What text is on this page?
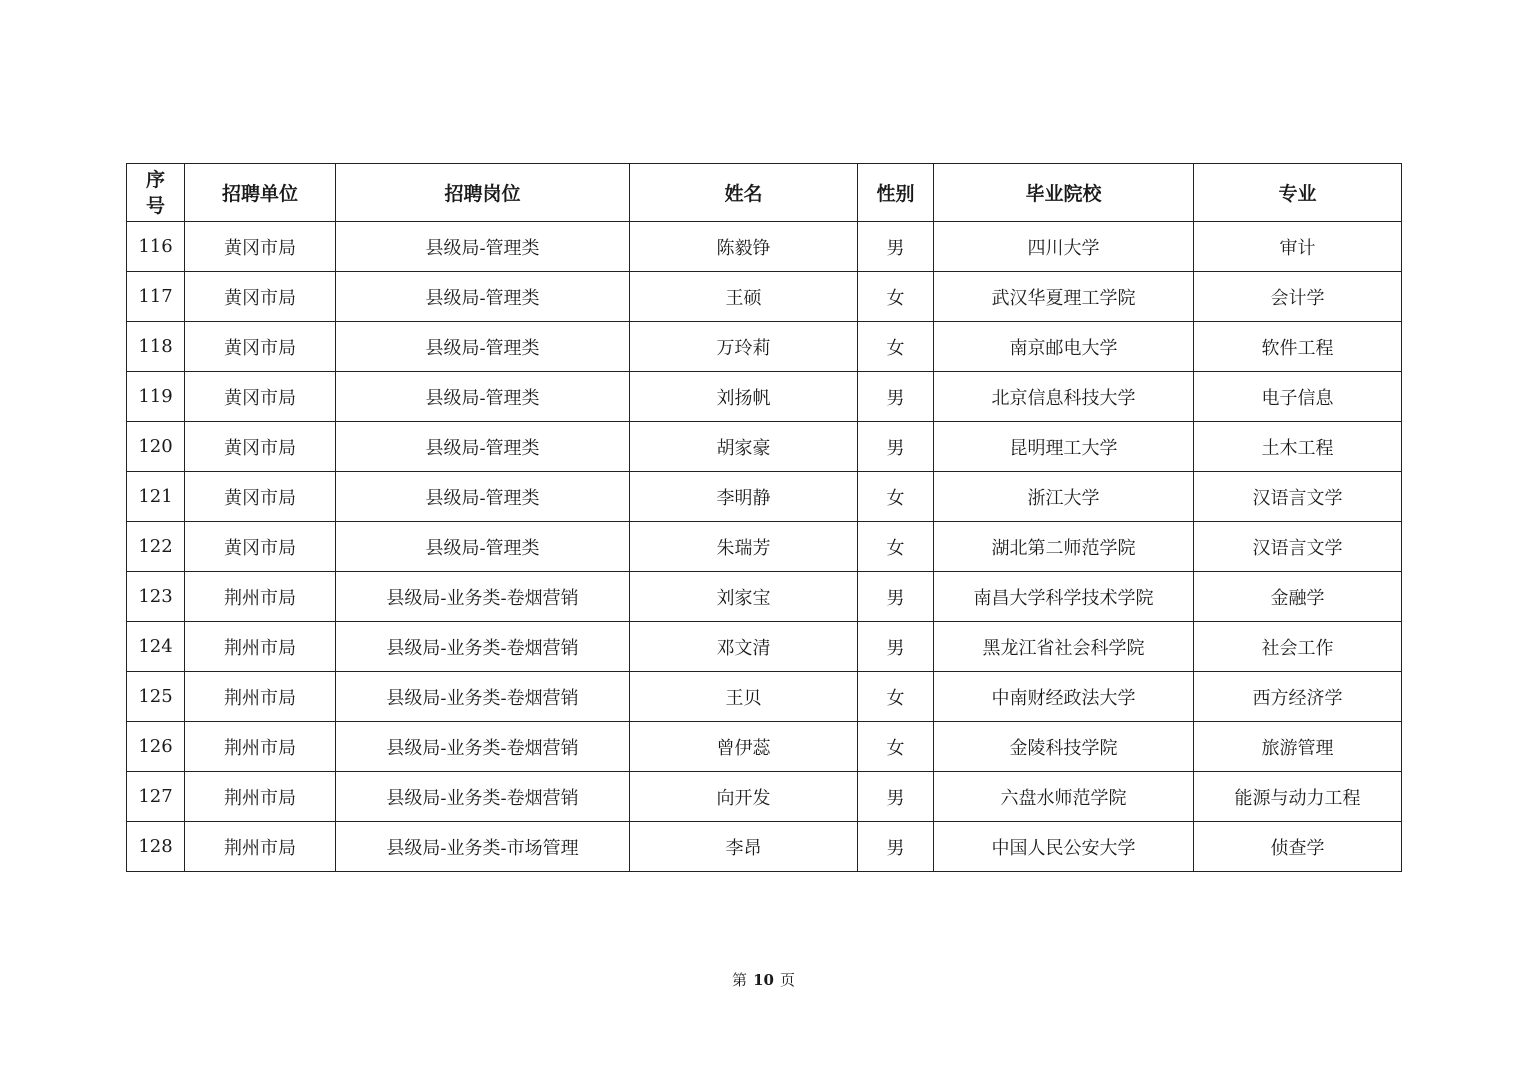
序
号	招聘单位	招聘岗位	姓名	性别	毕业院校	专业
116	黄冈市局	县级局-管理类	陈毅铮	男	四川大学	审计
117	黄冈市局	县级局-管理类	王硕	女	武汉华夏理工学院	会计学
118	黄冈市局	县级局-管理类	万玲莉	女	南京邮电大学	软件工程
119	黄冈市局	县级局-管理类	刘扬帆	男	北京信息科技大学	电子信息
120	黄冈市局	县级局-管理类	胡家豪	男	昆明理工大学	土木工程
121	黄冈市局	县级局-管理类	李明静	女	浙江大学	汉语言文学
122	黄冈市局	县级局-管理类	朱瑞芳	女	湖北第二师范学院	汉语言文学
123	荆州市局	县级局-业务类-卷烟营销	刘家宝	男	南昌大学科学技术学院	金融学
124	荆州市局	县级局-业务类-卷烟营销	邓文清	男	黑龙江省社会科学院	社会工作
125	荆州市局	县级局-业务类-卷烟营销	王贝	女	中南财经政法大学	西方经济学
126	荆州市局	县级局-业务类-卷烟营销	曾伊蕊	女	金陵科技学院	旅游管理
127	荆州市局	县级局-业务类-卷烟营销	向开发	男	六盘水师范学院	能源与动力工程
128	荆州市局	县级局-业务类-市场管理	李昂	男	中国人民公安大学	侦查学
第 10 页
